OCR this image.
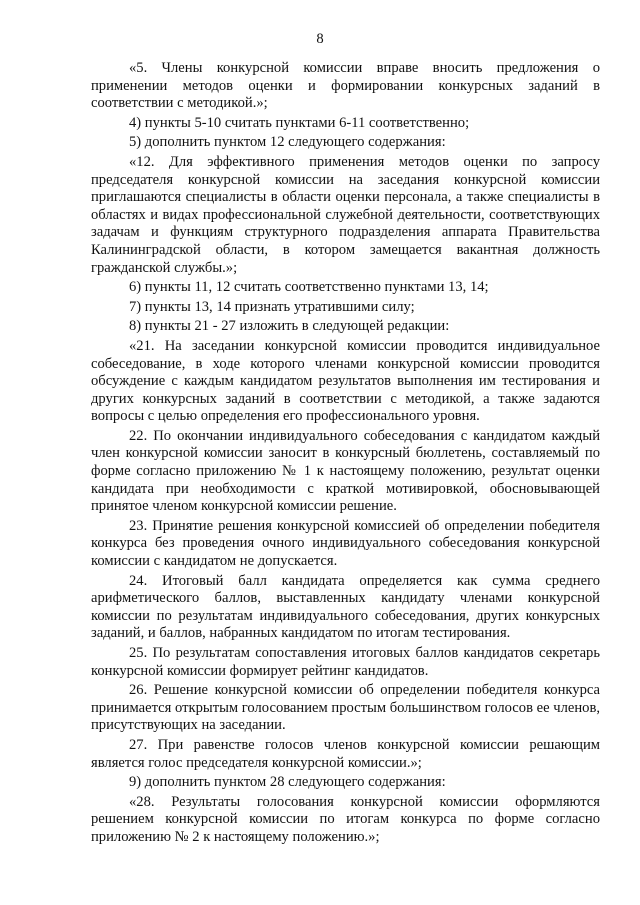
8

«5. Члены конкурсной комиссии вправе вносить предложения о применении методов оценки и формировании конкурсных заданий в соответствии с методикой.»;

4) пункты 5-10 считать пунктами 6-11 соответственно;

5) дополнить пунктом 12 следующего содержания:

«12. Для эффективного применения методов оценки по запросу председателя конкурсной комиссии на заседания конкурсной комиссии приглашаются специалисты в области оценки персонала, а также специалисты в областях и видах профессиональной служебной деятельности, соответствующих задачам и функциям структурного подразделения аппарата Правительства Калининградской области, в котором замещается вакантная должность гражданской службы.»;

6) пункты 11, 12 считать соответственно пунктами 13, 14;

7) пункты 13, 14 признать утратившими силу;

8) пункты 21 - 27 изложить в следующей редакции:

«21. На заседании конкурсной комиссии проводится индивидуальное собеседование, в ходе которого членами конкурсной комиссии проводится обсуждение с каждым кандидатом результатов выполнения им тестирования и других конкурсных заданий в соответствии с методикой, а также задаются вопросы с целью определения его профессионального уровня.

22. По окончании индивидуального собеседования с кандидатом каждый член конкурсной комиссии заносит в конкурсный бюллетень, составляемый по форме согласно приложению № 1 к настоящему положению, результат оценки кандидата при необходимости с краткой мотивировкой, обосновывающей принятое членом конкурсной комиссии решение.

23. Принятие решения конкурсной комиссией об определении победителя конкурса без проведения очного индивидуального собеседования конкурсной комиссии с кандидатом не допускается.

24. Итоговый балл кандидата определяется как сумма среднего арифметического баллов, выставленных кандидату членами конкурсной комиссии по результатам индивидуального собеседования, других конкурсных заданий, и баллов, набранных кандидатом по итогам тестирования.

25. По результатам сопоставления итоговых баллов кандидатов секретарь конкурсной комиссии формирует рейтинг кандидатов.

26. Решение конкурсной комиссии об определении победителя конкурса принимается открытым голосованием простым большинством голосов ее членов, присутствующих на заседании.

27. При равенстве голосов членов конкурсной комиссии решающим является голос председателя конкурсной комиссии.»;

9) дополнить пунктом 28 следующего содержания:

«28. Результаты голосования конкурсной комиссии оформляются решением конкурсной комиссии по итогам конкурса по форме согласно приложению № 2 к настоящему положению.»;
